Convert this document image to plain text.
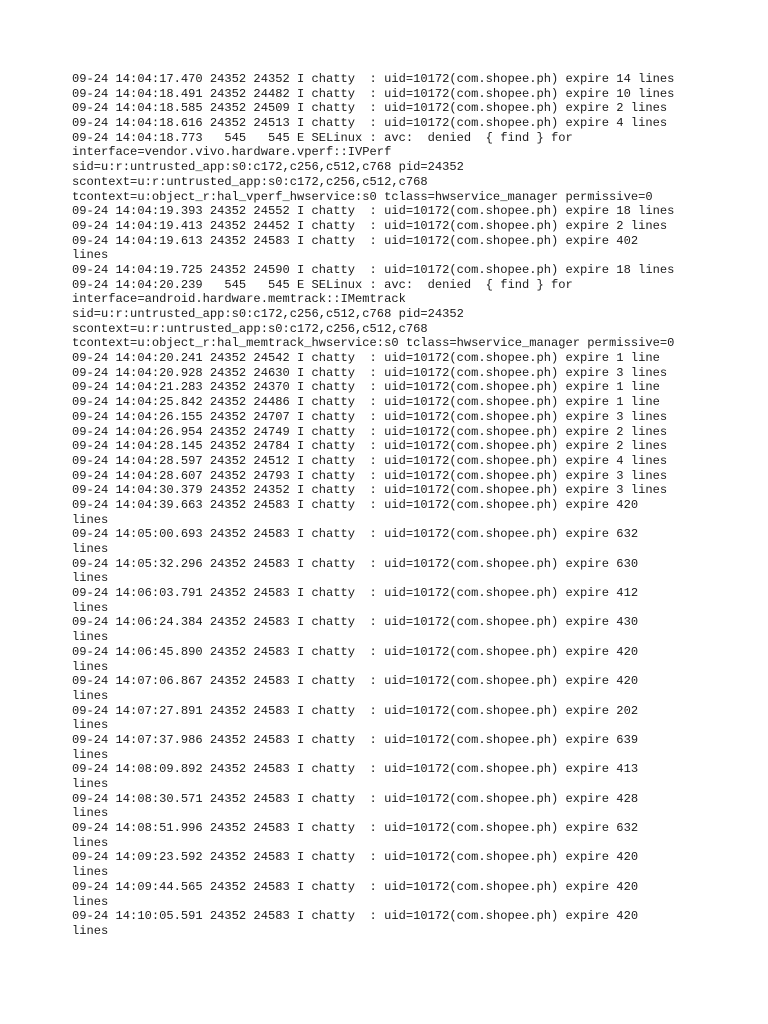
09-24 14:04:17.470 24352 24352 I chatty  : uid=10172(com.shopee.ph) expire 14 lines
09-24 14:04:18.491 24352 24482 I chatty  : uid=10172(com.shopee.ph) expire 10 lines
09-24 14:04:18.585 24352 24509 I chatty  : uid=10172(com.shopee.ph) expire 2 lines
09-24 14:04:18.616 24352 24513 I chatty  : uid=10172(com.shopee.ph) expire 4 lines
09-24 14:04:18.773   545   545 E SELinux : avc:  denied  { find } for
interface=vendor.vivo.hardware.vperf::IVPerf
sid=u:r:untrusted_app:s0:c172,c256,c512,c768 pid=24352
scontext=u:r:untrusted_app:s0:c172,c256,c512,c768
tcontext=u:object_r:hal_vperf_hwservice:s0 tclass=hwservice_manager permissive=0
09-24 14:04:19.393 24352 24552 I chatty  : uid=10172(com.shopee.ph) expire 18 lines
09-24 14:04:19.413 24352 24452 I chatty  : uid=10172(com.shopee.ph) expire 2 lines
09-24 14:04:19.613 24352 24583 I chatty  : uid=10172(com.shopee.ph) expire 402
lines
09-24 14:04:19.725 24352 24590 I chatty  : uid=10172(com.shopee.ph) expire 18 lines
09-24 14:04:20.239   545   545 E SELinux : avc:  denied  { find } for
interface=android.hardware.memtrack::IMemtrack
sid=u:r:untrusted_app:s0:c172,c256,c512,c768 pid=24352
scontext=u:r:untrusted_app:s0:c172,c256,c512,c768
tcontext=u:object_r:hal_memtrack_hwservice:s0 tclass=hwservice_manager permissive=0
09-24 14:04:20.241 24352 24542 I chatty  : uid=10172(com.shopee.ph) expire 1 line
09-24 14:04:20.928 24352 24630 I chatty  : uid=10172(com.shopee.ph) expire 3 lines
09-24 14:04:21.283 24352 24370 I chatty  : uid=10172(com.shopee.ph) expire 1 line
09-24 14:04:25.842 24352 24486 I chatty  : uid=10172(com.shopee.ph) expire 1 line
09-24 14:04:26.155 24352 24707 I chatty  : uid=10172(com.shopee.ph) expire 3 lines
09-24 14:04:26.954 24352 24749 I chatty  : uid=10172(com.shopee.ph) expire 2 lines
09-24 14:04:28.145 24352 24784 I chatty  : uid=10172(com.shopee.ph) expire 2 lines
09-24 14:04:28.597 24352 24512 I chatty  : uid=10172(com.shopee.ph) expire 4 lines
09-24 14:04:28.607 24352 24793 I chatty  : uid=10172(com.shopee.ph) expire 3 lines
09-24 14:04:30.379 24352 24352 I chatty  : uid=10172(com.shopee.ph) expire 3 lines
09-24 14:04:39.663 24352 24583 I chatty  : uid=10172(com.shopee.ph) expire 420
lines
09-24 14:05:00.693 24352 24583 I chatty  : uid=10172(com.shopee.ph) expire 632
lines
09-24 14:05:32.296 24352 24583 I chatty  : uid=10172(com.shopee.ph) expire 630
lines
09-24 14:06:03.791 24352 24583 I chatty  : uid=10172(com.shopee.ph) expire 412
lines
09-24 14:06:24.384 24352 24583 I chatty  : uid=10172(com.shopee.ph) expire 430
lines
09-24 14:06:45.890 24352 24583 I chatty  : uid=10172(com.shopee.ph) expire 420
lines
09-24 14:07:06.867 24352 24583 I chatty  : uid=10172(com.shopee.ph) expire 420
lines
09-24 14:07:27.891 24352 24583 I chatty  : uid=10172(com.shopee.ph) expire 202
lines
09-24 14:07:37.986 24352 24583 I chatty  : uid=10172(com.shopee.ph) expire 639
lines
09-24 14:08:09.892 24352 24583 I chatty  : uid=10172(com.shopee.ph) expire 413
lines
09-24 14:08:30.571 24352 24583 I chatty  : uid=10172(com.shopee.ph) expire 428
lines
09-24 14:08:51.996 24352 24583 I chatty  : uid=10172(com.shopee.ph) expire 632
lines
09-24 14:09:23.592 24352 24583 I chatty  : uid=10172(com.shopee.ph) expire 420
lines
09-24 14:09:44.565 24352 24583 I chatty  : uid=10172(com.shopee.ph) expire 420
lines
09-24 14:10:05.591 24352 24583 I chatty  : uid=10172(com.shopee.ph) expire 420
lines
